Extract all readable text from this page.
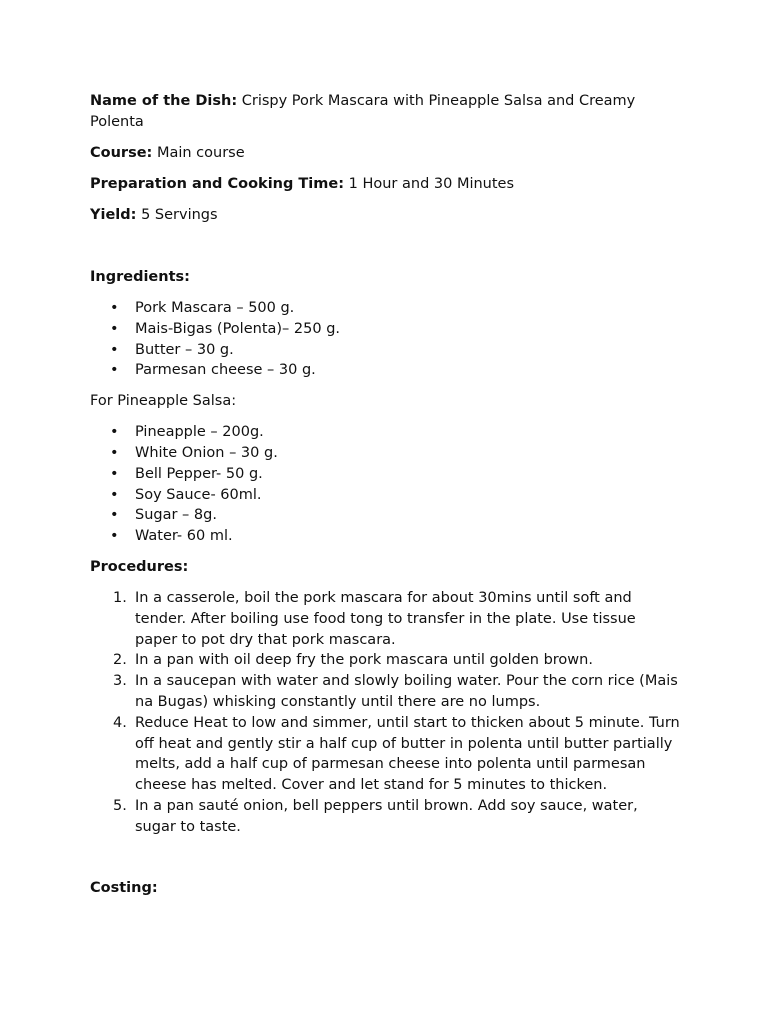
Name of the Dish: Crispy Pork Mascara with Pineapple Salsa and Creamy Polenta
Course: Main course
Preparation and Cooking Time: 1 Hour and 30 Minutes
Yield: 5 Servings
Ingredients:
• Pork Mascara – 500 g.
• Mais-Bigas (Polenta)– 250 g.
• Butter – 30 g.
• Parmesan cheese – 30 g.
For Pineapple Salsa:
• Pineapple – 200g.
• White Onion – 30 g.
• Bell Pepper- 50 g.
• Soy Sauce- 60ml.
• Sugar – 8g.
• Water- 60 ml.
Procedures:
1. In a casserole, boil the pork mascara for about 30mins until soft and tender. After boiling use food tong to transfer in the plate. Use tissue paper to pot dry that pork mascara.
2. In a pan with oil deep fry the pork mascara until golden brown.
3. In a saucepan with water and slowly boiling water. Pour the corn rice (Mais na Bugas) whisking constantly until there are no lumps.
4. Reduce Heat to low and simmer, until start to thicken about 5 minute. Turn off heat and gently stir a half cup of butter in polenta until butter partially melts, add a half cup of parmesan cheese into polenta until parmesan cheese has melted. Cover and let stand for 5 minutes to thicken.
5. In a pan sauté onion, bell peppers until brown. Add soy sauce, water, sugar to taste.
Costing:
